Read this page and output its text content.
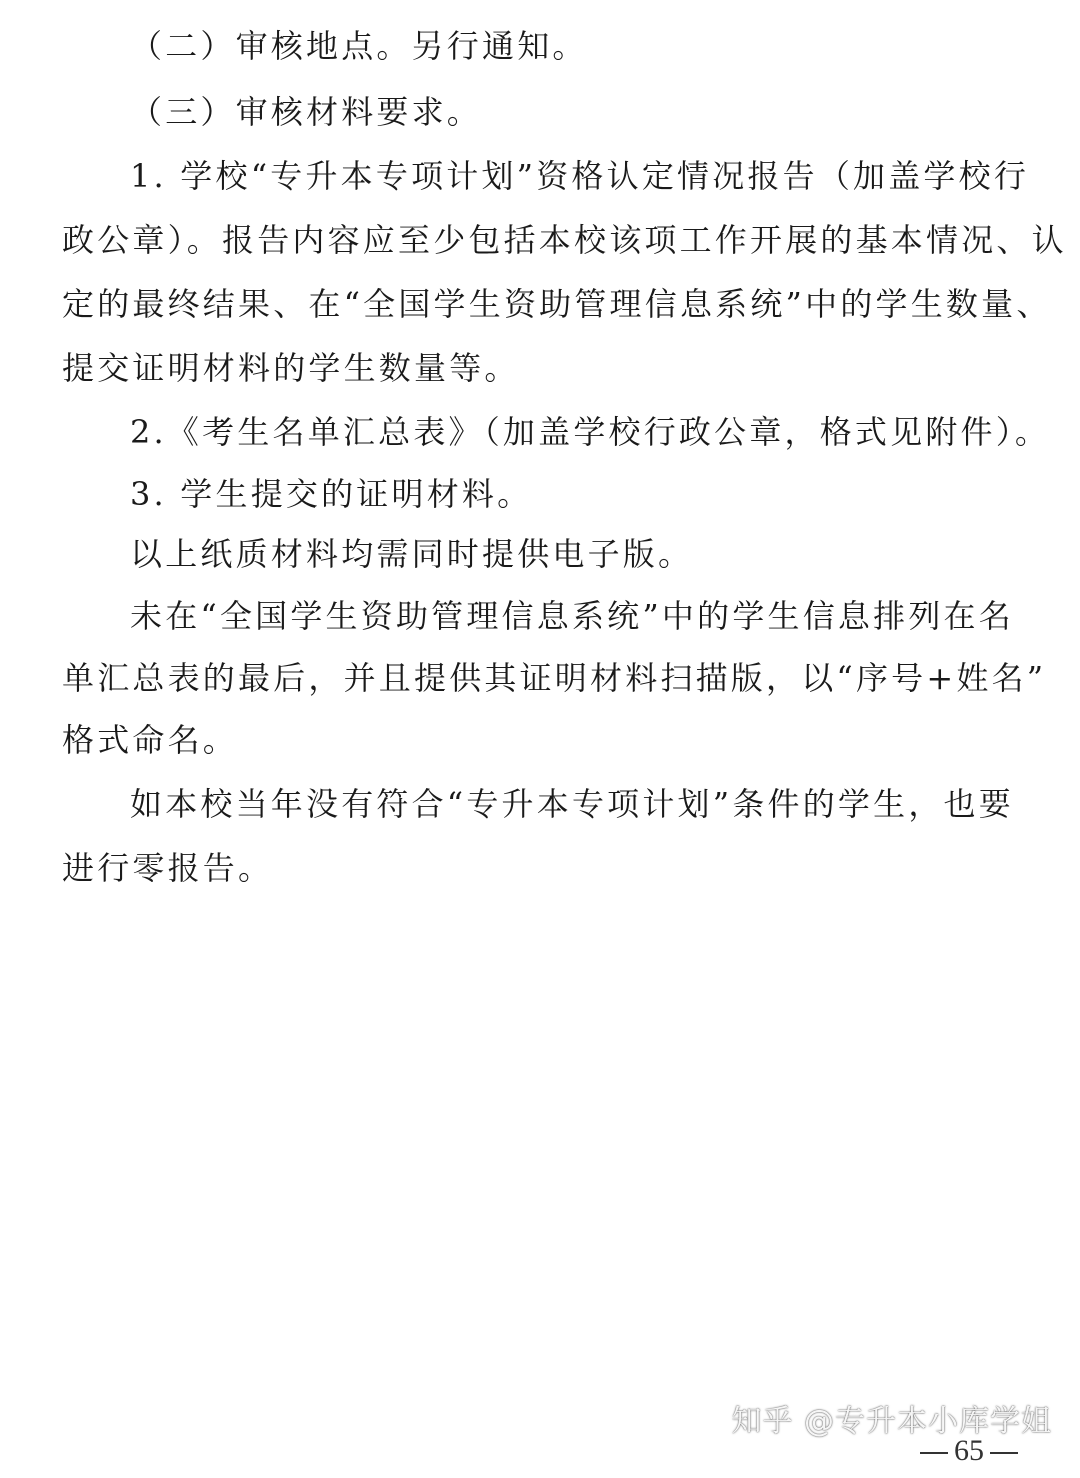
（二）审核地点。另行通知。
（三）审核材料要求。
1. 学校“专升本专项计划”资格认定情况报告（加盖学校行
政公章）。报告内容应至少包括本校该项工作开展的基本情况、认
定的最终结果、在“全国学生资助管理信息系统”中的学生数量、
提交证明材料的学生数量等。
2.《考生名单汇总表》（加盖学校行政公章，格式见附件）。
3. 学生提交的证明材料。
以上纸质材料均需同时提供电子版。
未在“全国学生资助管理信息系统”中的学生信息排列在名
单汇总表的最后，并且提供其证明材料扫描版，以“序号+姓名”
格式命名。
如本校当年没有符合“专升本专项计划”条件的学生，也要
进行零报告。
知乎 @专升本小库学姐
65
